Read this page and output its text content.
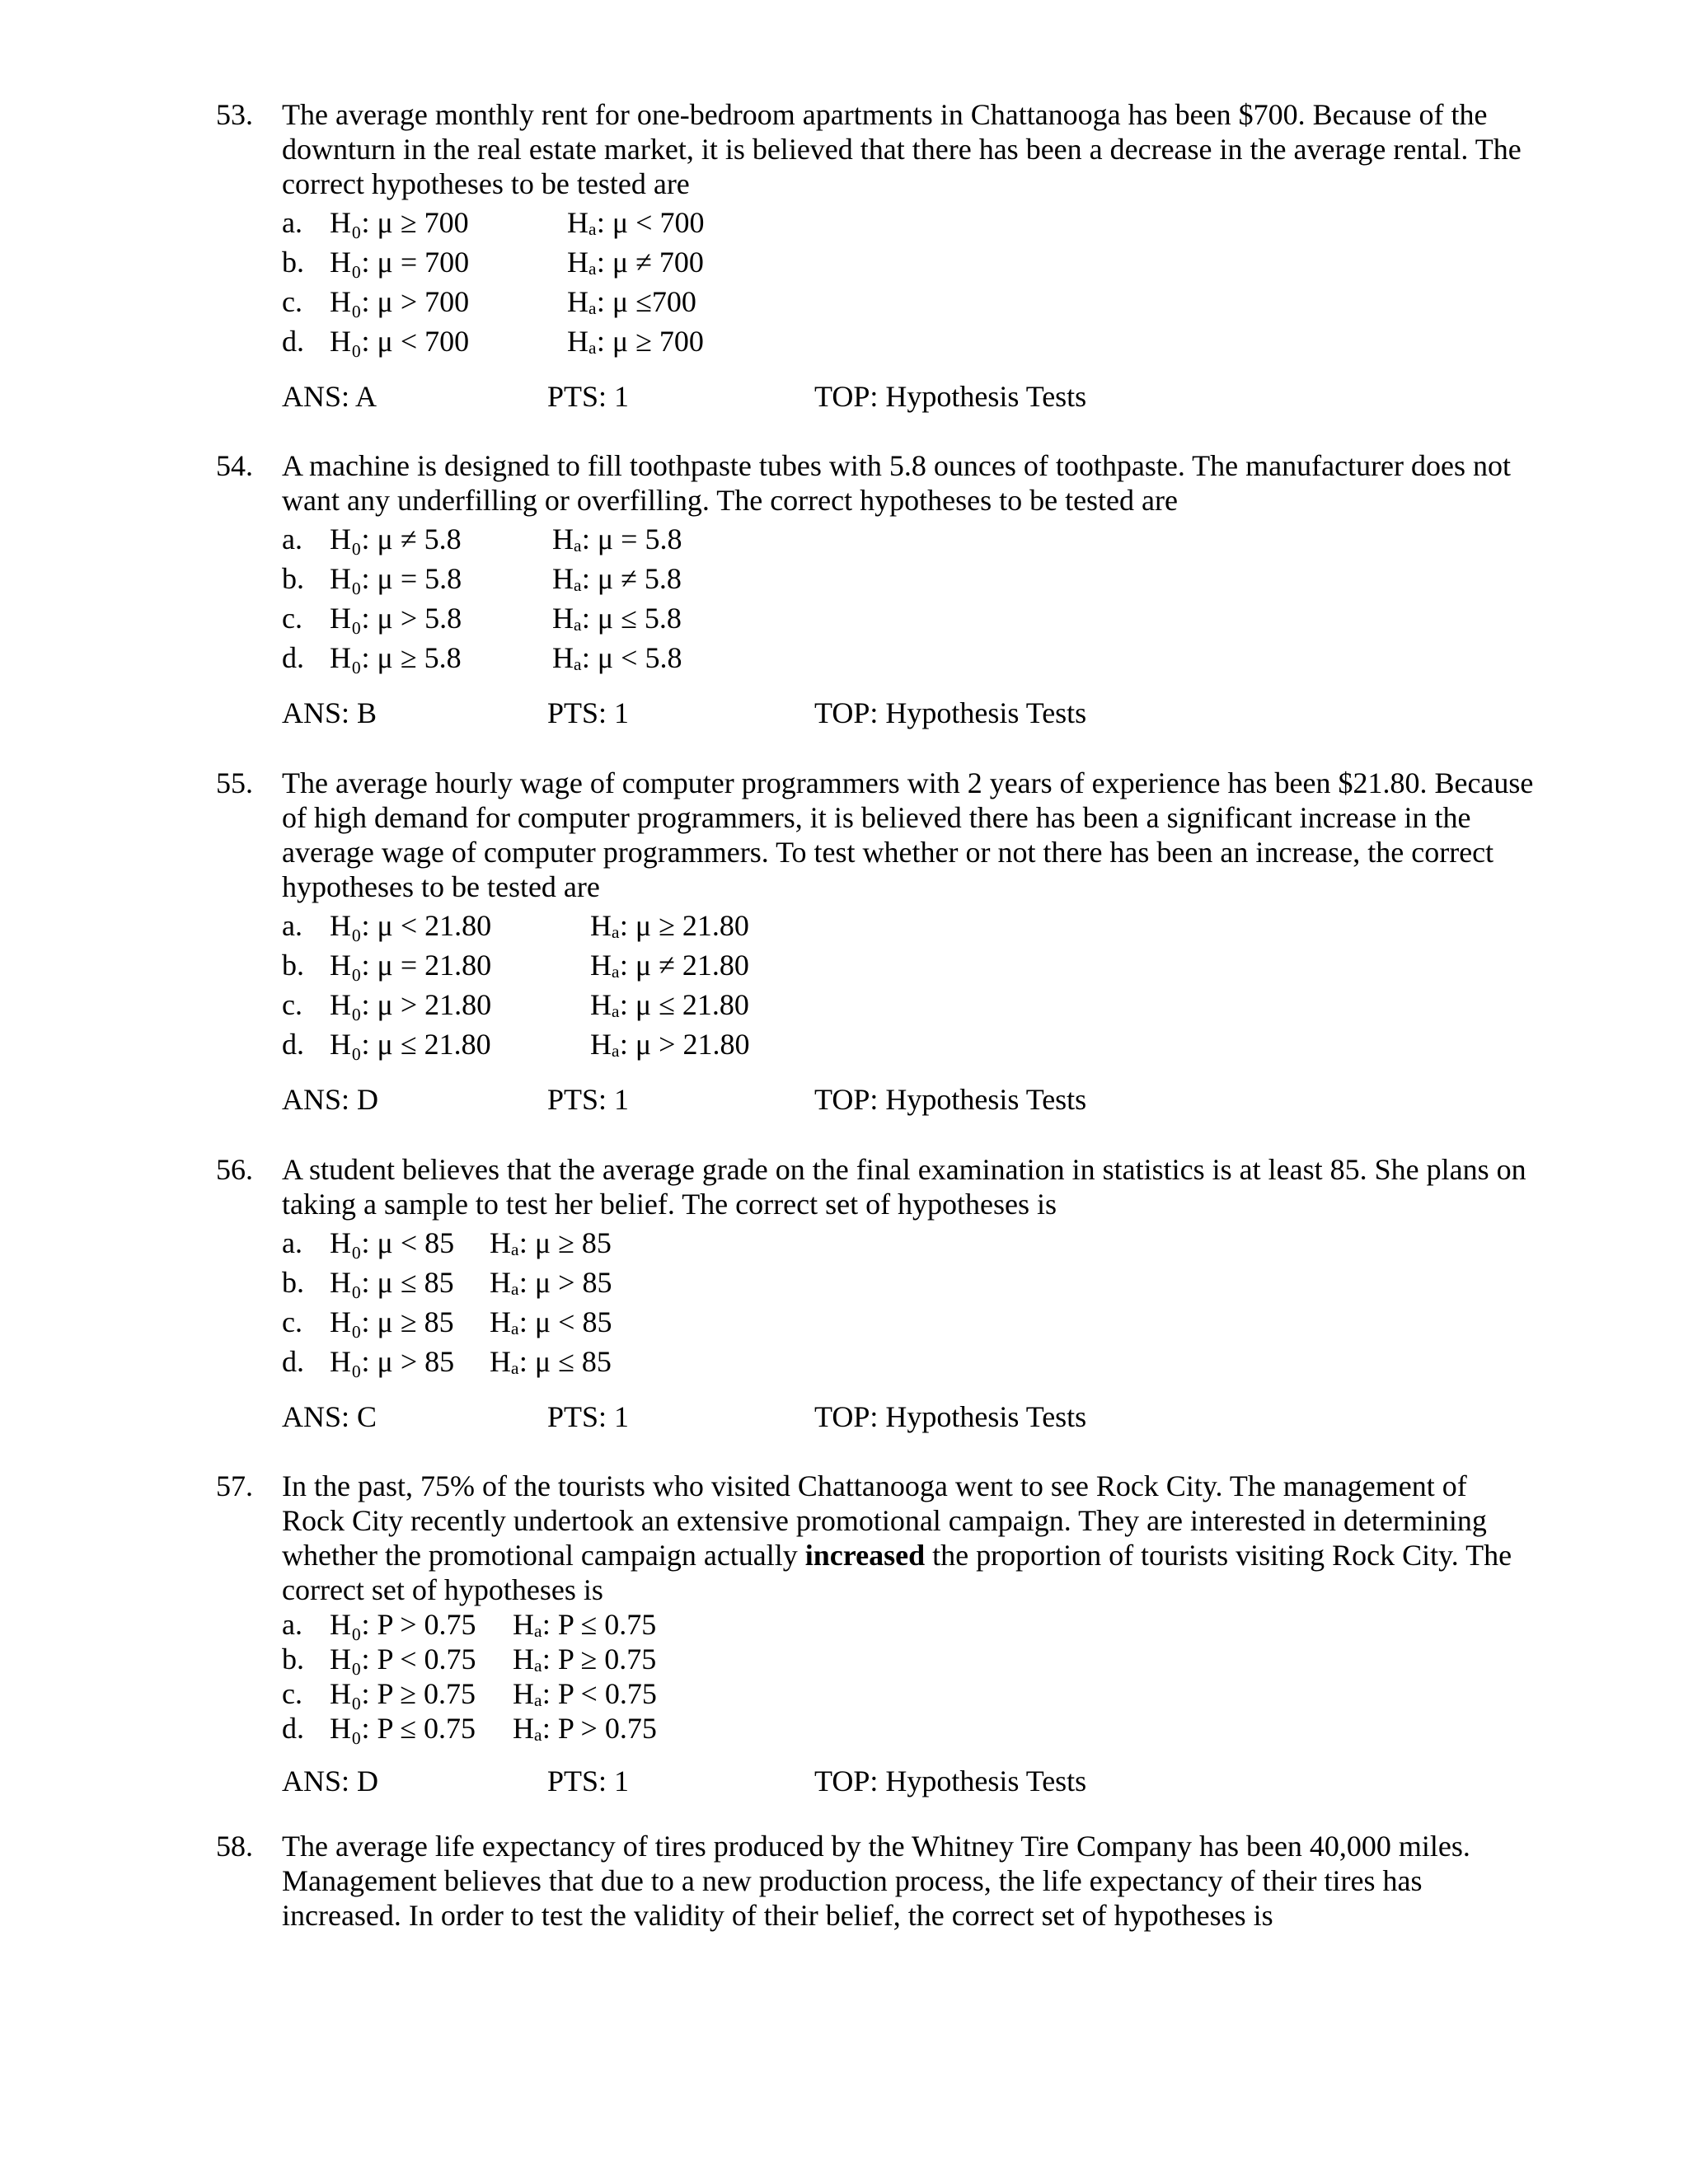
53. The average monthly rent for one-bedroom apartments in Chattanooga has been $700. Because of the downturn in the real estate market, it is believed that there has been a decrease in the average rental. The correct hypotheses to be tested are
a. H₀: μ ≥ 700	Hₐ: μ < 700
b. H₀: μ = 700	Hₐ: μ ≠ 700
c. H₀: μ > 700	Hₐ: μ ≤700
d. H₀: μ < 700	Hₐ: μ ≥ 700
ANS: A	PTS: 1	TOP: Hypothesis Tests
54. A machine is designed to fill toothpaste tubes with 5.8 ounces of toothpaste. The manufacturer does not want any underfilling or overfilling. The correct hypotheses to be tested are
a. H₀: μ ≠ 5.8	Hₐ: μ = 5.8
b. H₀: μ = 5.8	Hₐ: μ ≠ 5.8
c. H₀: μ > 5.8	Hₐ: μ ≤ 5.8
d. H₀: μ ≥ 5.8	Hₐ: μ < 5.8
ANS: B	PTS: 1	TOP: Hypothesis Tests
55. The average hourly wage of computer programmers with 2 years of experience has been $21.80. Because of high demand for computer programmers, it is believed there has been a significant increase in the average wage of computer programmers. To test whether or not there has been an increase, the correct hypotheses to be tested are
a. H₀: μ < 21.80	Hₐ: μ ≥ 21.80
b. H₀: μ = 21.80	Hₐ: μ ≠ 21.80
c. H₀: μ > 21.80	Hₐ: μ ≤ 21.80
d. H₀: μ ≤ 21.80	Hₐ: μ > 21.80
ANS: D	PTS: 1	TOP: Hypothesis Tests
56. A student believes that the average grade on the final examination in statistics is at least 85. She plans on taking a sample to test her belief. The correct set of hypotheses is
a. H₀: μ < 85 Hₐ: μ ≥ 85
b. H₀: μ ≤ 85 Hₐ: μ > 85
c. H₀: μ ≥ 85 Hₐ: μ < 85
d. H₀: μ > 85 Hₐ: μ ≤ 85
ANS: C	PTS: 1	TOP: Hypothesis Tests
57. In the past, 75% of the tourists who visited Chattanooga went to see Rock City. The management of Rock City recently undertook an extensive promotional campaign. They are interested in determining whether the promotional campaign actually increased the proportion of tourists visiting Rock City. The correct set of hypotheses is
a. H₀: P > 0.75 Hₐ: P ≤ 0.75
b. H₀: P < 0.75 Hₐ: P ≥ 0.75
c. H₀: P ≥ 0.75 Hₐ: P < 0.75
d. H₀: P ≤ 0.75 Hₐ: P > 0.75
ANS: D	PTS: 1	TOP: Hypothesis Tests
58. The average life expectancy of tires produced by the Whitney Tire Company has been 40,000 miles. Management believes that due to a new production process, the life expectancy of their tires has increased. In order to test the validity of their belief, the correct set of hypotheses is
